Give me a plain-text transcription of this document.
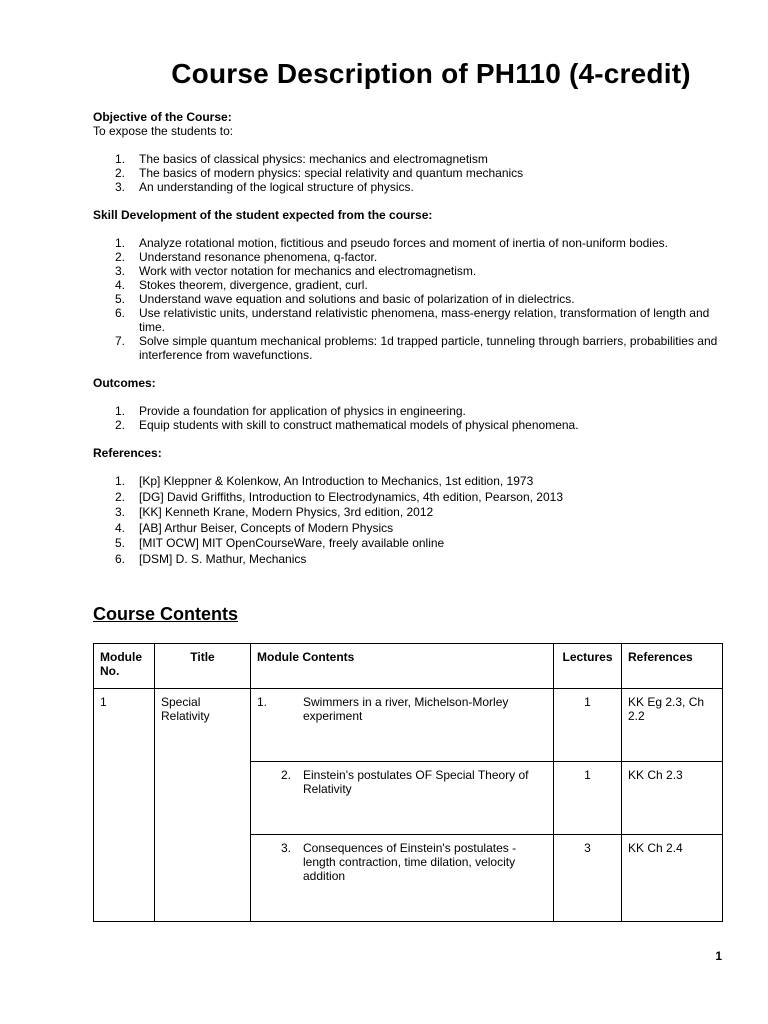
Course Description of PH110 (4-credit)
Objective of the Course:
To expose the students to:
1. The basics of classical physics: mechanics and electromagnetism
2. The basics of modern physics: special relativity and quantum mechanics
3. An understanding of the logical structure of physics.
Skill Development of the student expected from the course:
1. Analyze rotational motion, fictitious and pseudo forces and moment of inertia of non-uniform bodies.
2. Understand resonance phenomena, q-factor.
3. Work with vector notation for mechanics and electromagnetism.
4. Stokes theorem, divergence, gradient, curl.
5. Understand wave equation and solutions and basic of polarization of in dielectrics.
6. Use relativistic units, understand relativistic phenomena, mass-energy relation, transformation of length and time.
7. Solve simple quantum mechanical problems: 1d trapped particle, tunneling through barriers, probabilities and interference from wavefunctions.
Outcomes:
1. Provide a foundation for application of physics in engineering.
2. Equip students with skill to construct mathematical models of physical phenomena.
References:
1. [Kp] Kleppner & Kolenkow, An Introduction to Mechanics, 1st edition, 1973
2. [DG] David Griffiths, Introduction to Electrodynamics, 4th edition, Pearson, 2013
3. [KK] Kenneth Krane, Modern Physics, 3rd edition, 2012
4. [AB] Arthur Beiser, Concepts of Modern Physics
5. [MIT OCW] MIT OpenCourseWare, freely available online
6. [DSM] D. S. Mathur, Mechanics
Course Contents
Module No.	Title	Module Contents	Lectures	References
1	Special Relativity	1. Swimmers in a river, Michelson-Morley experiment	1	KK Eg 2.3, Ch 2.2

		2. Einstein's postulates OF Special Theory of Relativity	1	KK Ch 2.3

		3. Consequences of Einstein's postulates - length contraction, time dilation, velocity addition	3	KK Ch 2.4
1
